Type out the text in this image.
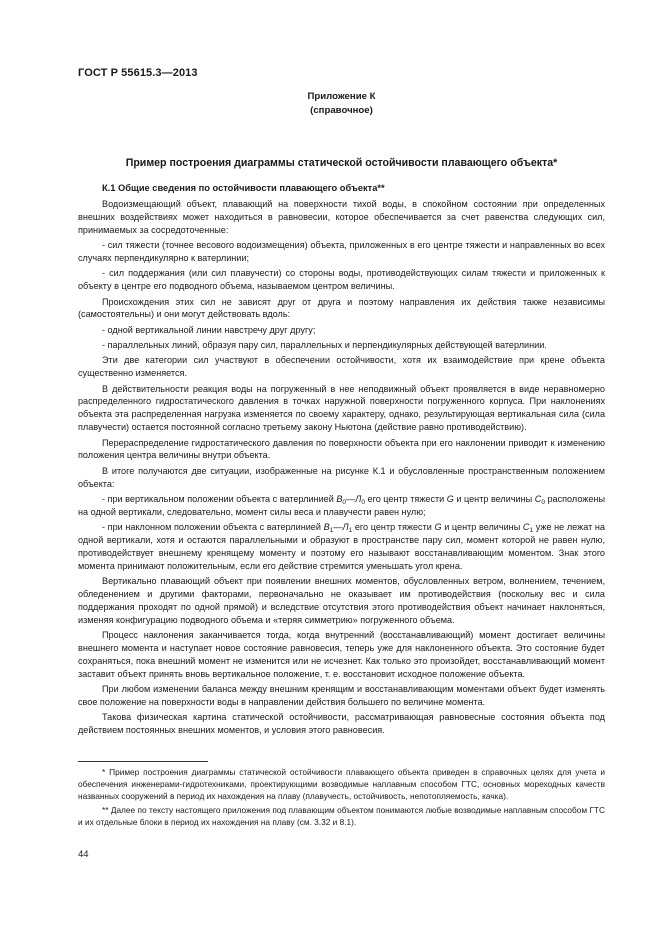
ГОСТ Р 55615.3—2013
Приложение К
(справочное)
Пример построения диаграммы статической остойчивости плавающего объекта*
К.1 Общие сведения по остойчивости плавающего объекта**

Водоизмещающий объект, плавающий на поверхности тихой воды, в спокойном состоянии при определенных внешних воздействиях может находиться в равновесии, которое обеспечивается за счет равенства следующих сил, принимаемых за сосредоточенные:

- сил тяжести (точнее весового водоизмещения) объекта, приложенных в его центре тяжести и направленных во всех случаях перпендикулярно к ватерлинии;

- сил поддержания (или сил плавучести) со стороны воды, противодействующих силам тяжести и приложенных к объекту в центре его подводного объема, называемом центром величины.

Происхождения этих сил не зависят друг от друга и поэтому направления их действия также независимы (самостоятельны) и они могут действовать вдоль:

- одной вертикальной линии навстречу друг другу;

- параллельных линий, образуя пару сил, параллельных и перпендикулярных действующей ватерлинии.

Эти две категории сил участвуют в обеспечении остойчивости, хотя их взаимодействие при крене объекта существенно изменяется.

В действительности реакция воды на погруженный в нее неподвижный объект проявляется в виде неравномерно распределенного гидростатического давления в точках наружной поверхности погруженного корпуса. При наклонениях объекта эта распределенная нагрузка изменяется по своему характеру, однако, результирующая вертикальная сила (сила плавучести) остается постоянной согласно третьему закону Ньютона (действие равно противодействию).

Перераспределение гидростатического давления по поверхности объекта при его наклонении приводит к изменению положения центра величины внутри объекта.

В итоге получаются две ситуации, изображенные на рисунке К.1 и обусловленные пространственным положением объекта:

- при вертикальном положении объекта с ватерлинией $B_0—Л_0$ его центр тяжести G и центр величины $C_0$ расположены на одной вертикали, следовательно, момент силы веса и плавучести равен нулю;

- при наклонном положении объекта с ватерлинией $B_1—Л_1$ его центр тяжести G и центр величины $C_1$ уже не лежат на одной вертикали, хотя и остаются параллельными и образуют в пространстве пару сил, момент которой не равен нулю, противодействует внешнему кренящему моменту и поэтому его называют восстанавливающим моментом. Знак этого момента принимают положительным, если его действие стремится уменьшать угол крена.

Вертикально плавающий объект при появлении внешних моментов, обусловленных ветром, волнением, течением, обледенением и другими факторами, первоначально не оказывает им противодействия (поскольку вес и сила поддержания проходят по одной прямой) и вследствие отсутствия этого противодействия объект начинает наклоняться, изменяя конфигурацию подводного объема и «теряя симметрию» погруженного объема.

Процесс наклонения заканчивается тогда, когда внутренний (восстанавливающий) момент достигает величины внешнего момента и наступает новое состояние равновесия, теперь уже для наклоненного объекта. Это состояние будет сохраняться, пока внешний момент не изменится или не исчезнет. Как только это произойдет, восстанавливающий момент заставит объект принять вновь вертикальное положение, т. е. восстановит исходное положение объекта.

При любом изменении баланса между внешним кренящим и восстанавливающим моментами объект будет изменять свое положение на поверхности воды в направлении действия большего по величине момента.

Такова физическая картина статической остойчивости, рассматривающая равновесные состояния объекта под действием постоянных внешних моментов, и условия этого равновесия.

* Пример построения диаграммы статической остойчивости плавающего объекта приведен в справочных целях для учета и обеспечения инженерами-гидротехниками, проектирующими возводимые наплавным способом ГТС, основных мореходных качеств названных сооружений в период их нахождения на плаву (плавучесть, остойчивость, непотопляемость, качка).

** Далее по тексту настоящего приложения под плавающим объектом понимаются любые возводимые наплавным способом ГТС и их отдельные блоки в период их нахождения на плаву (см. 3.32 и 8.1).

44
